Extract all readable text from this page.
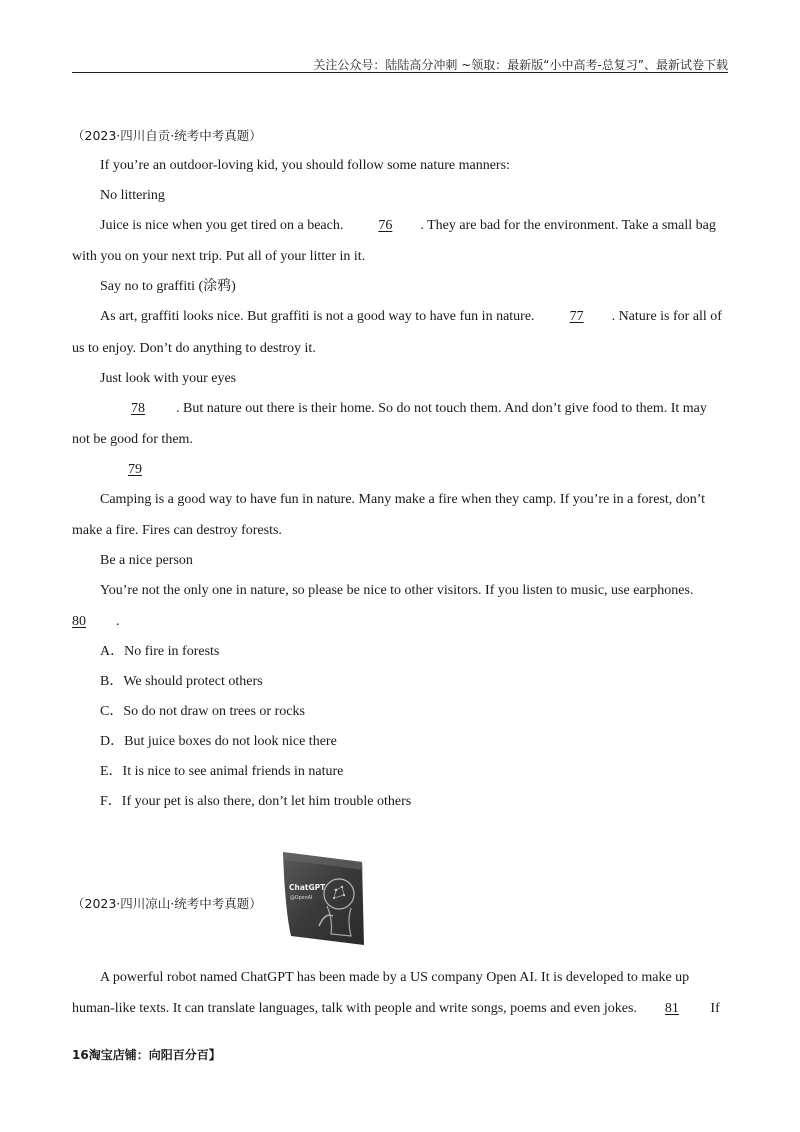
关注公众号：陆陆高分冲刺 ~领取：最新版“小中高考-总复习”、最新试卷下载
（2023·四川自贡·统考中考真题）
If you’re an outdoor-loving kid, you should follow some nature manners:
No littering
Juice is nice when you get tired on a beach.	76 . They are bad for the environment. Take a small bag
with you on your next trip. Put all of your litter in it.
Say no to graffiti (涂鸦)
As art, graffiti looks nice. But graffiti is not a good way to have fun in nature.	77 . Nature is for all of
us to enjoy. Don’t do anything to destroy it.
Just look with your eyes
78 . But nature out there is their home. So do not touch them. And don’t give food to them. It may
not be good for them.
79
Camping is a good way to have fun in nature. Many make a fire when they camp. If you’re in a forest, don’t
make a fire. Fires can destroy forests.
Be a nice person
You’re not the only one in nature, so please be nice to other visitors. If you listen to music, use earphones.
80 .
A．No fire in forests
B．We should protect others
C．So do not draw on trees or rocks
D．But juice boxes do not look nice there
E．It is nice to see animal friends in nature
F．If your pet is also there, don’t let him trouble others
（2023·四川凉山·统考中考真题）
ChatGPT
@OpenAI
A powerful robot named ChatGPT has been made by a US company Open AI. It is developed to make up
human-like texts. It can translate languages, talk with people and write songs, poems and even jokes. 81 If
16淘宝店铺：向阳百分百】
